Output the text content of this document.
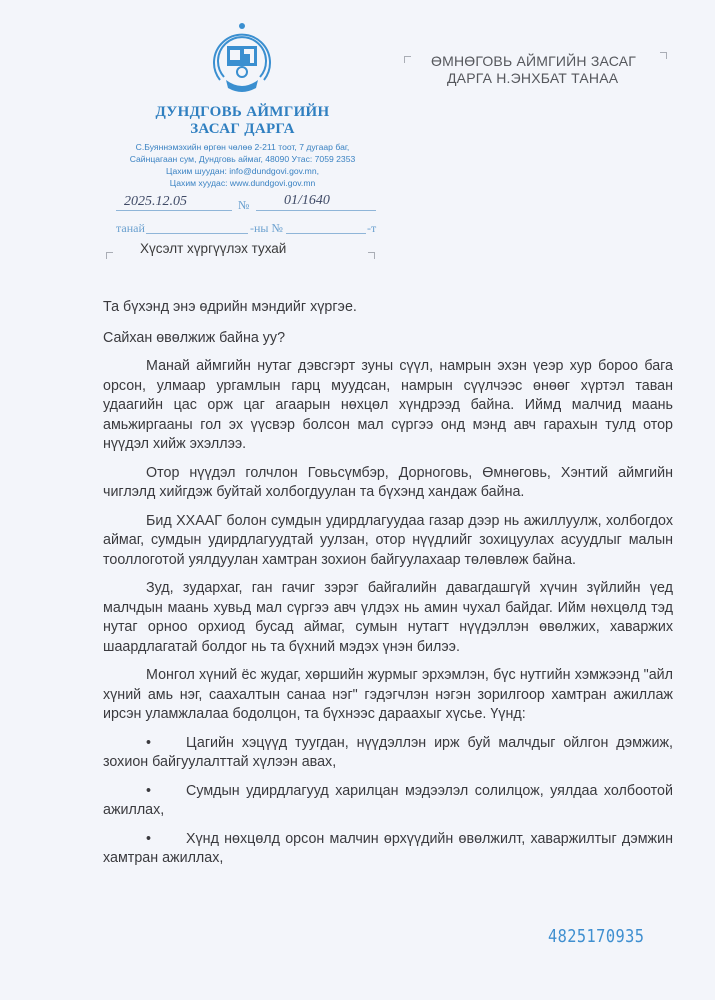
ДУНДГОВЬ АЙМГИЙН
ЗАСАГ ДАРГА
С.Буяннэмэхийн өргөн чөлөө 2-211 тоот, 7 дугаар баг,
Сайнцагаан сум, Дундговь аймаг, 48090 Утас: 7059 2353
Цахим шуудан: info@dundgovi.gov.mn,
Цахим хуудас: www.dundgovi.gov.mn
2025.12.05	№ 01/1640
танай	-ны №	-т
Хүсэлт хүргүүлэх тухай
ӨМНӨГОВЬ АЙМГИЙН ЗАСАГ
ДАРГА Н.ЭНХБАТ ТАНАА

Та бүхэнд энэ өдрийн мэндийг хүргэе.

Сайхан өвөлжиж байна уу?

Манай аймгийн нутаг дэвсгэрт зуны сүүл, намрын эхэн үеэр хур бороо бага орсон, улмаар ургамлын гарц муудсан, намрын сүүлчээс өнөөг хүртэл таван удаагийн цас орж цаг агаарын нөхцөл хүндрээд байна. Иймд малчид маань амьжиргааны гол эх үүсвэр болсон мал сүргээ онд мэнд авч гарахын тулд отор нүүдэл хийж эхэллээ.

Отор нүүдэл голчлон Говьсүмбэр, Дорноговь, Өмнөговь, Хэнтий аймгийн чиглэлд хийгдэж буйтай холбогдуулан та бүхэнд хандаж байна.

Бид ХХААГ болон сумдын удирдлагуудаа газар дээр нь ажиллуулж, холбогдох аймаг, сумдын удирдлагуудтай уулзан, отор нүүдлийг зохицуулах асуудлыг малын тооллоготой уялдуулан хамтран зохион байгуулахаар төлөвлөж байна.

Зуд, зудархаг, ган гачиг зэрэг байгалийн давагдашгүй хүчин зүйлийн үед малчдын маань хувьд мал сүргээ авч үлдэх нь амин чухал байдаг. Ийм нөхцөлд тэд нутаг орноо орхиод бусад аймаг, сумын нутагт нүүдэллэн өвөлжих, хаваржих шаардлагатай болдог нь та бүхний мэдэх үнэн билээ.

Монгол хүний ёс жудаг, хөршийн журмыг эрхэмлэн, бүс нутгийн хэмжээнд "айл хүний амь нэг, саахалтын санаа нэг" гэдэгчлэн нэгэн зорилгоор хамтран ажиллаж ирсэн уламжлалаа бодолцон, та бүхнээс дараахыг хүсье. Үүнд:

• Цагийн хэцүүд туугдан, нүүдэллэн ирж буй малчдыг ойлгон дэмжиж, зохион байгуулалттай хүлээн авах,

• Сумдын удирдлагууд харилцан мэдээлэл солилцож, уялдаа холбоотой ажиллах,

• Хүнд нөхцөлд орсон малчин өрхүүдийн өвөлжилт, хаваржилтыг дэмжин хамтран ажиллах,

4825170935
